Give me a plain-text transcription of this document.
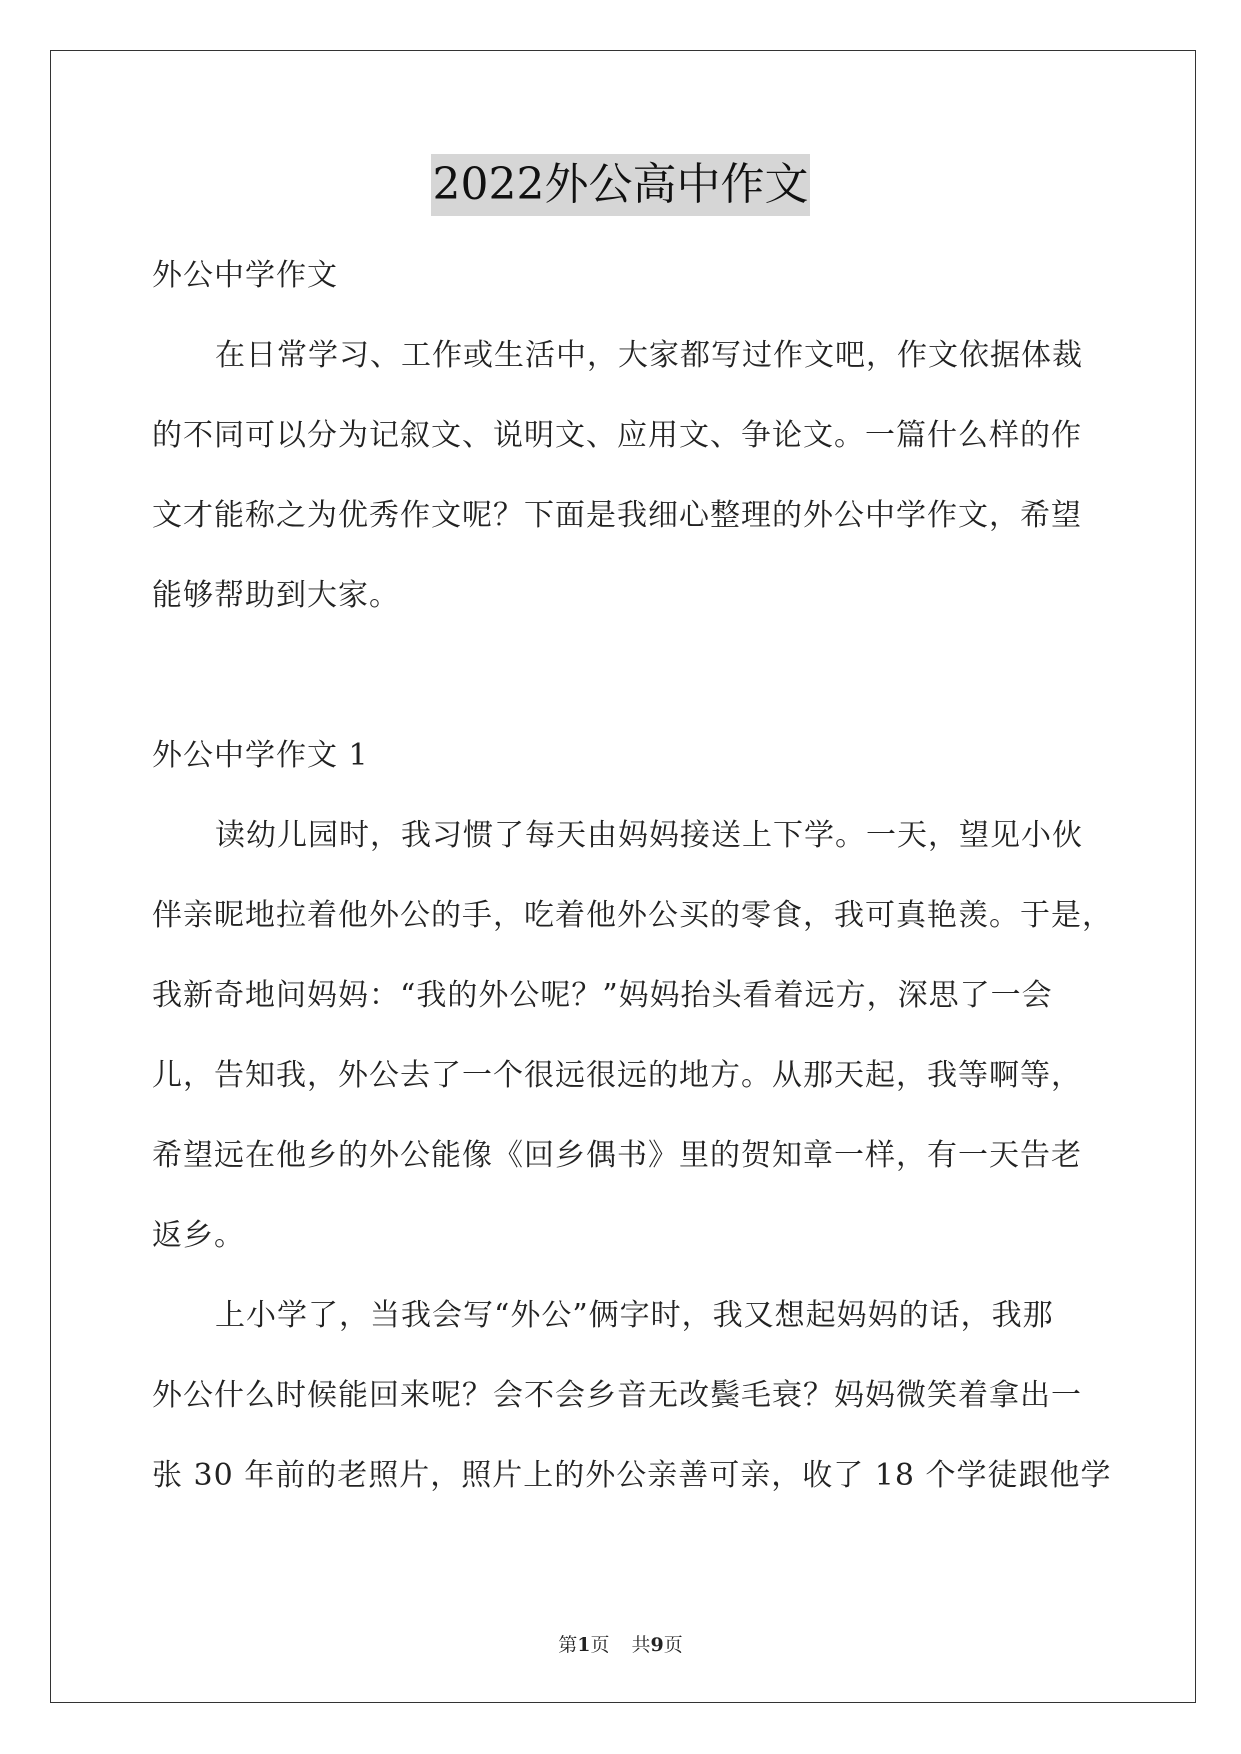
2022外公高中作文
外公中学作文

在日常学习、工作或生活中，大家都写过作文吧，作文依据体裁
的不同可以分为记叙文、说明文、应用文、争论文。一篇什么样的作
文才能称之为优秀作文呢？下面是我细心整理的外公中学作文，希望
能够帮助到大家。

外公中学作文 1

读幼儿园时，我习惯了每天由妈妈接送上下学。一天，望见小伙
伴亲昵地拉着他外公的手，吃着他外公买的零食，我可真艳羡。于是，
我新奇地问妈妈：“我的外公呢？”妈妈抬头看着远方，深思了一会
儿，告知我，外公去了一个很远很远的地方。从那天起，我等啊等，
希望远在他乡的外公能像《回乡偶书》里的贺知章一样，有一天告老
返乡。

上小学了，当我会写“外公”俩字时，我又想起妈妈的话，我那
外公什么时候能回来呢？会不会乡音无改鬓毛衰？妈妈微笑着拿出一
张 30 年前的老照片，照片上的外公亲善可亲，收了 18 个学徒跟他学

第1页 共9页
